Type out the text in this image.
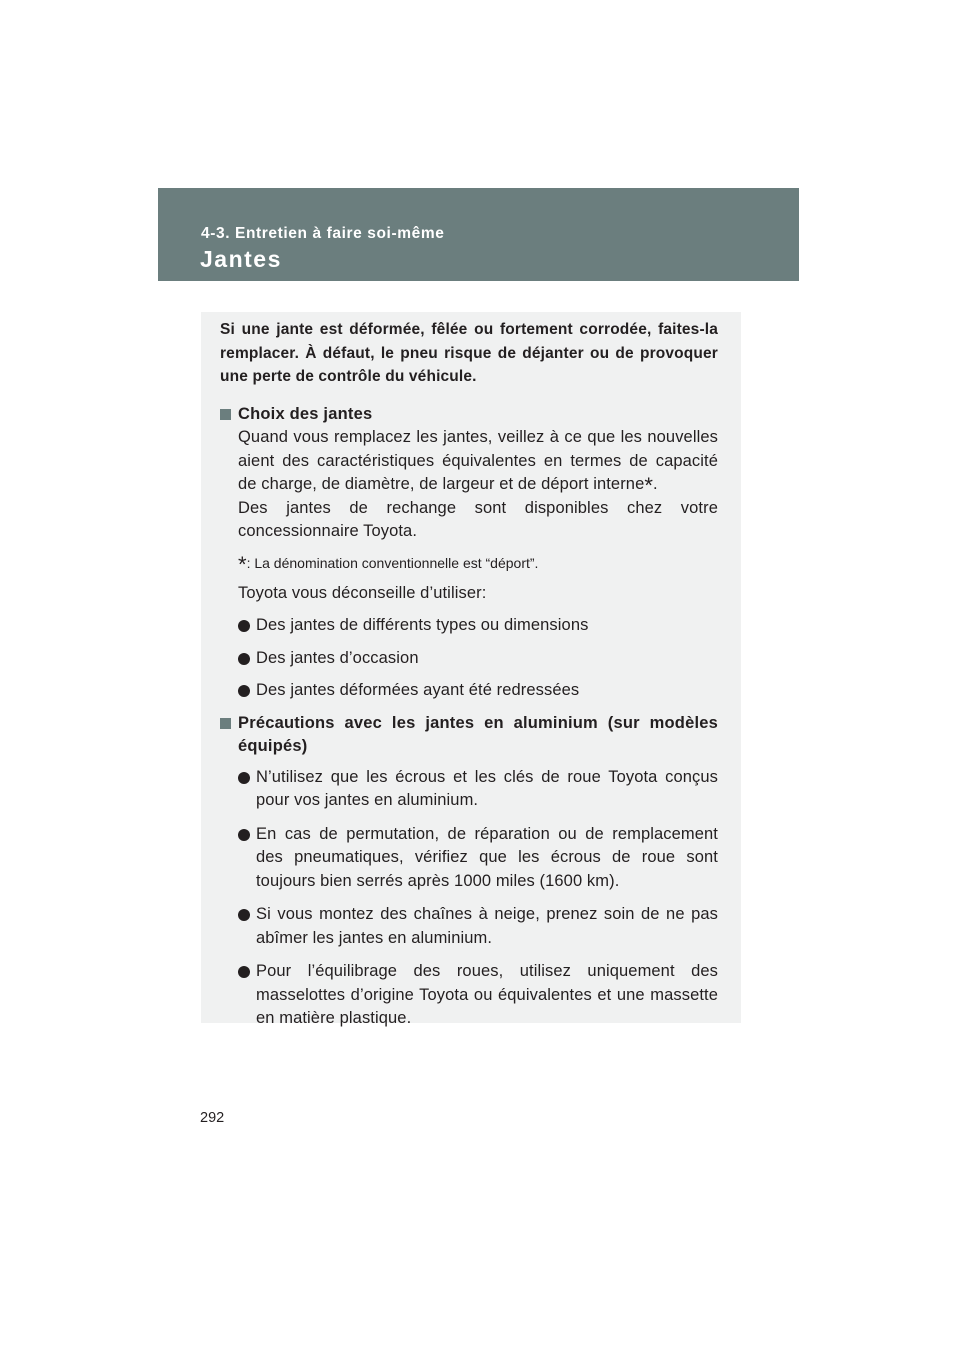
4-3. Entretien à faire soi-même
Jantes

Si une jante est déformée, fêlée ou fortement corrodée, faites-la remplacer. À défaut, le pneu risque de déjanter ou de provoquer une perte de contrôle du véhicule.

Choix des jantes

Quand vous remplacez les jantes, veillez à ce que les nouvelles aient des caractéristiques équivalentes en termes de capacité de charge, de diamètre, de largeur et de déport interne*.

Des jantes de rechange sont disponibles chez votre concessionnaire Toyota.

*: La dénomination conventionnelle est “déport”.

Toyota vous déconseille d’utiliser:

Des jantes de différents types ou dimensions
Des jantes d’occasion
Des jantes déformées ayant été redressées
Précautions avec les jantes en aluminium (sur modèles équipés)
N’utilisez que les écrous et les clés de roue Toyota conçus pour vos jantes en aluminium.
En cas de permutation, de réparation ou de remplacement des pneumatiques, vérifiez que les écrous de roue sont toujours bien serrés après 1000 miles (1600 km).
Si vous montez des chaînes à neige, prenez soin de ne pas abîmer les jantes en aluminium.
Pour l’équilibrage des roues, utilisez uniquement des masselottes d’origine Toyota ou équivalentes et une massette en matière plastique.
292
